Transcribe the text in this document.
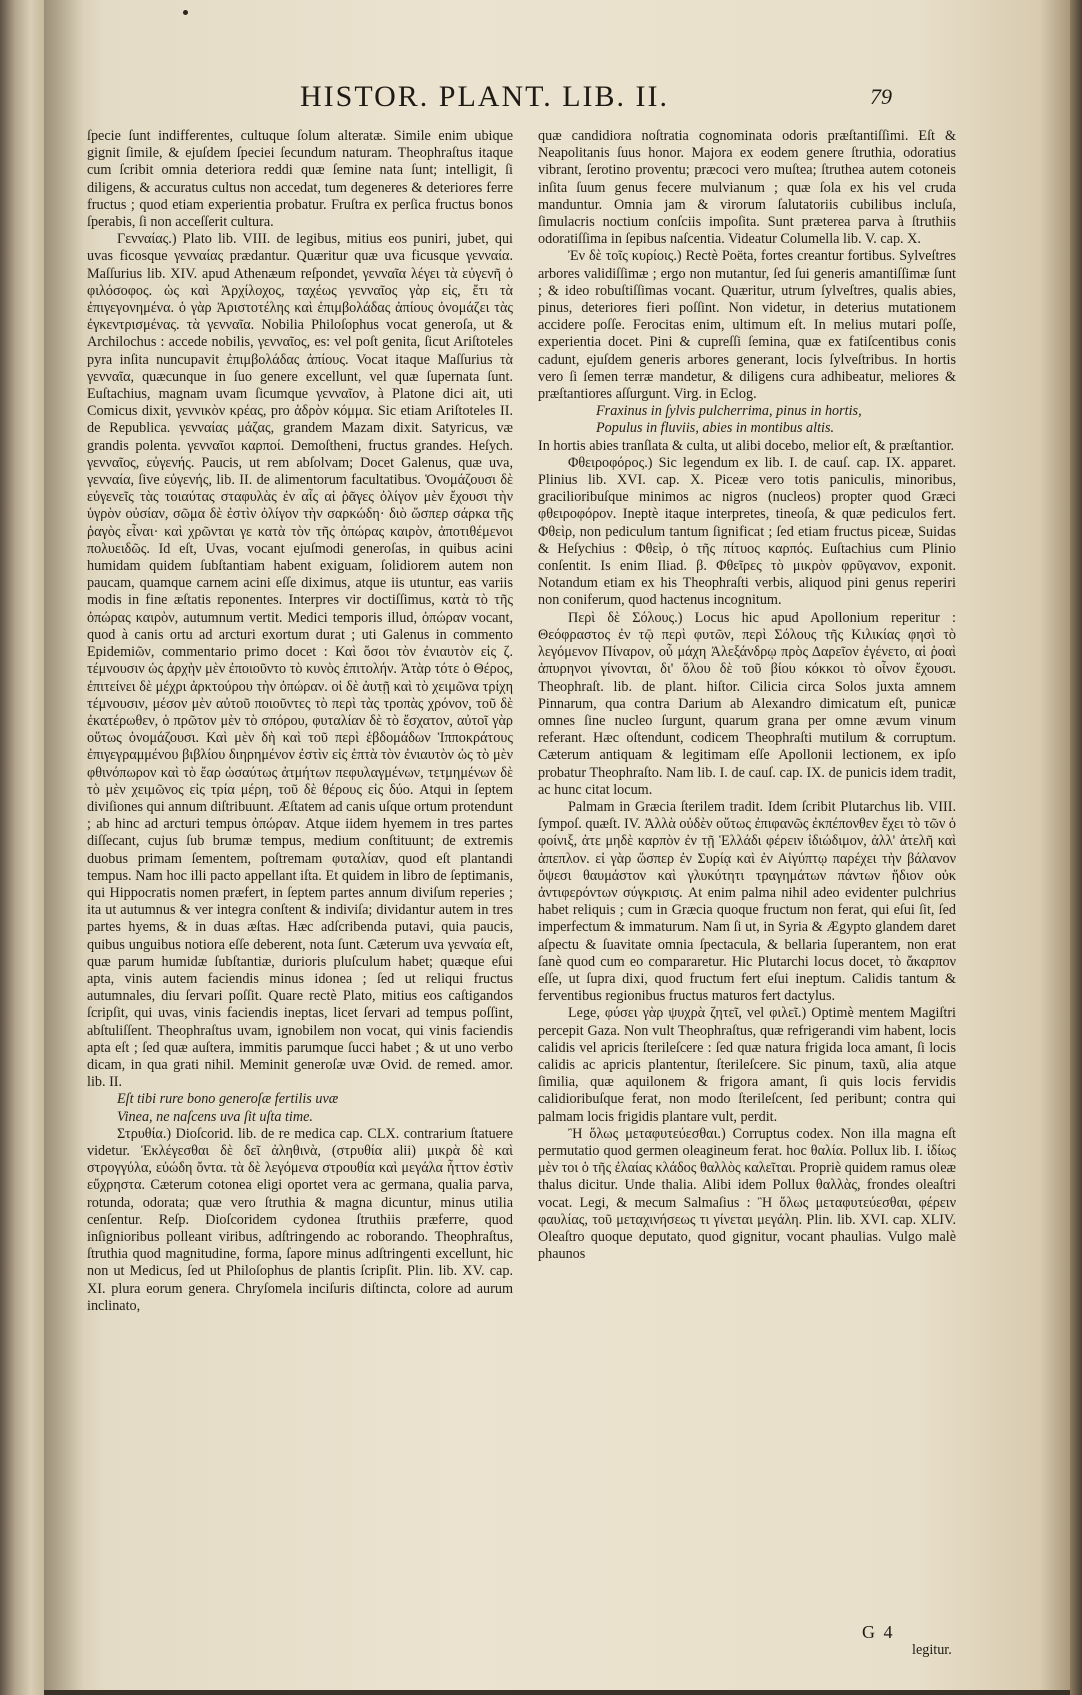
HISTOR. PLANT. LIB. II.	79

ſpecie ſunt indifferentes, cultuque ſolum alteratæ. Simile enim ubique gignit ſimile, & ejuſdem ſpeciei ſecundum naturam. Theophraſtus itaque cum ſcribit omnia deteriora reddi quæ ſemine nata ſunt; intelligit, ſi diligens, & accuratus cultus non accedat, tum degeneres & deteriores ferre fructus ; quod etiam experientia probatur. Fruſtra ex perſica fructus bonos ſperabis, ſi non acceſſerit cultura.

Γενναίας.) Plato lib. VIII. de legibus, mitius eos puniri, jubet, qui uvas ficosque γενναίας prædantur. Quæritur quæ uva ficusque γενναία. Maſſurius lib. XIV. apud Athenæum reſpondet, γενναῖα λέγει τὰ εὐγενῆ ὁ φιλόσοφος. ὡς καὶ Ἀρχίλοχος, ταχέως γενναῖος γὰρ εἰς, ἔτι τὰ ἐπιγεγονημένα. ὁ γὰρ Ἀριστοτέλης καὶ ἐπιμβολάδας ἀπίους ὀνομάζει τὰς ἐγκεντρισμένας. τὰ γενναῖα. Nobilia Philoſophus vocat generoſa, ut & Archilochus : accede nobilis, γενναῖος, es: vel poſt genita, ſicut Ariſtoteles pyra inſita nuncupavit ἐπιμβολάδας ἀπίους. Vocat itaque Maſſurius τὰ γενναῖα, quæcunque in ſuo genere excellunt, vel quæ ſupernata ſunt. Euſtachius, magnam uvam ſicumque γενναῖον, à Platone dici ait, uti Comicus dixit, γεννικὸν κρέας, pro ἁδρὸν κόμμα. Sic etiam Ariſtoteles II. de Republica. γενναίας μάζας, grandem Mazam dixit. Satyricus, væ grandis polenta. γενναῖοι καρποί. Demoſtheni, fructus grandes. Heſych. γενναῖος, εὐγενής. Paucis, ut rem abſolvam; Docet Galenus, quæ uva, γενναία, ſive εὐγενής, lib. II. de alimentorum facultatibus. Ὁνομάζουσι δὲ εὐγενεῖς τὰς τοιαύτας σταφυλὰς ἐν αἷς αἱ ῥᾶγες ὀλίγον μὲν ἔχουσι τὴν ὑγρὸν οὐσίαν, σῶμα δὲ ἐστὶν ὀλίγον τὴν σαρκώδη· διὸ ὥσπερ σάρκα τῆς ῥαγὸς εἶναι· καὶ χρῶνται γε κατὰ τὸν τῆς ὀπώρας καιρὸν, ἀποτιθέμενοι πολυειδῶς. Id eſt, Uvas, vocant ejuſmodi generoſas, in quibus acini humidam quidem ſubſtantiam habent exiguam, ſolidiorem autem non paucam, quamque carnem acini eſſe diximus, atque iis utuntur, eas variis modis in fine æſtatis reponentes. Interpres vir doctiſſimus, κατὰ τὸ τῆς ὀπώρας καιρὸν, autumnum vertit. Medici temporis illud, ὀπώραν vocant, quod à canis ortu ad arcturi exortum durat ; uti Galenus in commento Epidemiῶν, commentario primo docet : Καὶ ὅσοι τὸν ἐνιαυτὸν εἰς ζ. τέμνουσιν ὡς ἀρχὴν μὲν ἐποιοῦντο τὸ κυνὸς ἐπιτολήν. Ἀτὰρ τότε ὁ Θέρος, ἐπιτείνει δὲ μέχρι ἀρκτούρου τὴν ὀπώραν. οἱ δὲ ἀυτῇ καὶ τὸ χειμῶνα τρίχη τέμνουσιν, μέσον μὲν αὐτοῦ ποιοῦντες τὸ περὶ τὰς τροπὰς χρόνον, τοῦ δὲ ἐκατέρωθεν, ὁ πρῶτον μὲν τὸ σπόρου, φυταλίαν δὲ τὸ ἔσχατον, αὐτοῖ γὰρ οὕτως ὀνομάζουσι. Καὶ μὲν δὴ καὶ τοῦ περὶ ἑβδομάδων Ἱπποκράτους ἐπιγεγραμμένου βιβλίου διηρημένον ἐστὶν εἰς ἑπτὰ τὸν ἐνιαυτὸν ὡς τὸ μὲν φθινόπωρον καὶ τὸ ἔαρ ὡσαύτως ἀτμήτων πεφυλαγμένων, τετμημένων δὲ τὸ μὲν χειμῶνος εἰς τρία μέρη, τοῦ δὲ θέρους εἰς δύο. Atqui in ſeptem diviſiones qui annum diſtribuunt. Æſtatem ad canis uſque ortum protendunt ; ab hinc ad arcturi tempus ὀπώραν. Atque iidem hyemem in tres partes diſſecant, cujus ſub brumæ tempus, medium conſtituunt; de extremis duobus primam ſementem, poſtremam φυταλίαν, quod eſt plantandi tempus. Nam hoc illi pacto appellant iſta. Et quidem in libro de ſeptimanis, qui Hippocratis nomen præfert, in ſeptem partes annum diviſum reperies ; ita ut autumnus & ver integra conſtent & indiviſa; dividantur autem in tres partes hyems, & in duas æſtas. Hæc adſcribenda putavi, quia paucis, quibus unguibus notiora eſſe deberent, nota ſunt. Cæterum uva γενναία eſt, quæ parum humidæ ſubſtantiæ, durioris pluſculum habet; quæque eſui apta, vinis autem faciendis minus idonea ; ſed ut reliqui fructus autumnales, diu ſervari poſſit. Quare rectè Plato, mitius eos caſtigandos ſcripſit, qui uvas, vinis faciendis ineptas, licet ſervari ad tempus poſſint, abſtuliſſent. Theophraſtus uvam, ignobilem non vocat, qui vinis faciendis apta eſt ; ſed quæ auſtera, immitis parumque ſucci habet ; & ut uno verbo dicam, in qua grati nihil. Meminit generoſæ uvæ Ovid. de remed. amor. lib. II.

Eſt tibi rure bono generoſæ fertilis uvæ

Vinea, ne naſcens uva ſit uſta time.

Στρυθία.) Dioſcorid. lib. de re medica cap. CLX. contrarium ſtatuere videtur. Ἐκλέγεσθαι δὲ δεῖ ἀληθινὰ, (στρυθία alii) μικρὰ δὲ καὶ στρογγύλα, εὐώδη ὄντα. τὰ δὲ λεγόμενα στρουθία καὶ μεγάλα ἧττον ἐστὶν εὔχρηστα. Cæterum cotonea eligi oportet vera ac germana, qualia parva, rotunda, odorata; quæ vero ſtruthia & magna dicuntur, minus utilia cenſentur. Reſp. Dioſcoridem cydonea ſtruthiis præferre, quod inſignioribus polleant viribus, adſtringendo ac roborando. Theophraſtus, ſtruthia quod magnitudine, forma, ſapore minus adſtringenti excellunt, hic non ut Medicus, ſed ut Philoſophus de plantis ſcripſit. Plin. lib. XV. cap. XI. plura eorum genera. Chryſomela inciſuris diſtincta, colore ad aurum inclinato,

quæ candidiora noſtratia cognominata odoris præſtantiſſimi. Eſt & Neapolitanis ſuus honor. Majora ex eodem genere ſtruthia, odoratius vibrant, ſerotino proventu; præcoci vero muſtea; ſtruthea autem cotoneis inſita ſuum genus fecere mulvianum ; quæ ſola ex his vel cruda manduntur. Omnia jam & virorum ſalutatoriis cubilibus incluſa, ſimulacris noctium conſciis impoſita. Sunt præterea parva à ſtruthiis odoratiſſima in ſepibus naſcentia. Videatur Columella lib. V. cap. X.

Ἐν δὲ τοῖς κυρίοις.) Rectè Poëta, fortes creantur fortibus. Sylveſtres arbores validiſſimæ ; ergo non mutantur, ſed ſui generis amantiſſimæ ſunt ; & ideo robuſtiſſimas vocant. Quæritur, utrum ſylveſtres, qualis abies, pinus, deteriores fieri poſſint. Non videtur, in deterius mutationem accidere poſſe. Ferocitas enim, ultimum eſt. In melius mutari poſſe, experientia docet. Pini & cupreſſi ſemina, quæ ex fatiſcentibus conis cadunt, ejuſdem generis arbores generant, locis ſylveſtribus. In hortis vero ſi ſemen terræ mandetur, & diligens cura adhibeatur, meliores & præſtantiores aſſurgunt. Virg. in Eclog.

Fraxinus in ſylvis pulcherrima, pinus in hortis,

Populus in fluviis, abies in montibus altis.

In hortis abies tranſlata & culta, ut alibi docebo, melior eſt, & præſtantior.

Φθειροφόρος.) Sic legendum ex lib. I. de cauſ. cap. IX. apparet. Plinius lib. XVI. cap. X. Piceæ vero totis paniculis, minoribus, gracilioribuſque minimos ac nigros (nucleos) propter quod Græci φθειροφόρον. Ineptè itaque interpretes, tineoſa, & quæ pediculos fert. Φθεὶρ, non pediculum tantum ſignificat ; ſed etiam fructus piceæ, Suidas & Heſychius : Φθεὶρ, ὁ τῆς πίτυος καρπός. Euſtachius cum Plinio conſentit. Is enim Iliad. β. Φθεῖρες τὸ μικρὸν φρῦγανον, exponit. Notandum etiam ex his Theophraſti verbis, aliquod pini genus reperiri non coniferum, quod hactenus incognitum.

Περὶ δὲ Σόλους.) Locus hic apud Apollonium reperitur : Θεόφραστος ἐν τῷ περὶ φυτῶν, περὶ Σόλους τῆς Κιλικίας φησὶ τὸ λεγόμενον Πίναρον, οὗ μάχη Ἀλεξάνδρῳ πρὸς Δαρεῖον ἐγένετο, αἱ ῥοαὶ ἀπυρηνοι γίνονται, δι' ὅλου δὲ τοῦ βίου κόκκοι τὸ οἶνον ἔχουσι. Theophraſt. lib. de plant. hiſtor. Cilicia circa Solos juxta amnem Pinnarum, qua contra Darium ab Alexandro dimicatum eſt, punicæ omnes ſine nucleo ſurgunt, quarum grana per omne ævum vinum referant. Hæc oſtendunt, codicem Theophraſti mutilum & corruptum. Cæterum antiquam & legitimam eſſe Apollonii lectionem, ex ipſo probatur Theophraſto. Nam lib. I. de cauſ. cap. IX. de punicis idem tradit, ac hunc citat locum.

Palmam in Græcia ſterilem tradit. Idem ſcribit Plutarchus lib. VIII. ſympoſ. quæſt. IV. Ἀλλὰ οὐδὲν οὕτως ἐπιφανῶς ἐκπέπονθεν ἔχει τὸ τῶν ὁ φοίνιξ, ἀτε μηδὲ καρπὸν ἐν τῇ Ἑλλάδι φέρειν ἰδιώδιμον, ἀλλ' ἀτελῆ καὶ ἀπεπλον. εἰ γὰρ ὥσπερ ἐν Συρίᾳ καὶ ἐν Αἰγύπτῳ παρέχει τὴν βάλανον ὄψεσι θαυμάστον καὶ γλυκύτητι τραγημάτων πάντων ἥδιον οὐκ ἀντιφερόντων σύγκρισις. At enim palma nihil adeo evidenter pulchrius habet reliquis ; cum in Græcia quoque fructum non ferat, qui eſui ſit, ſed imperfectum & immaturum. Nam ſi ut, in Syria & Ægypto glandem daret aſpectu & ſuavitate omnia ſpectacula, & bellaria ſuperantem, non erat ſanè quod cum eo compararetur. Hic Plutarchi locus docet, τὸ ἄκαρπον eſſe, ut ſupra dixi, quod fructum fert eſui ineptum. Calidis tantum & ferventibus regionibus fructus maturos fert dactylus.

Lege, φύσει γὰρ ψυχρὰ ζητεῖ, vel φιλεῖ.) Optimè mentem Magiſtri percepit Gaza. Non vult Theophraſtus, quæ refrigerandi vim habent, locis calidis vel apricis ſterileſcere : ſed quæ natura frigida loca amant, ſi locis calidis ac apricis plantentur, ſterileſcere. Sic pinum, taxũ, alia atque ſimilia, quæ aquilonem & frigora amant, ſi quis locis fervidis calidioribuſque ferat, non modo ſterileſcent, ſed peribunt; contra qui palmam locis frigidis plantare vult, perdit.

Ἢ ὅλως μεταφυτεύεσθαι.) Corruptus codex. Non illa magna eſt permutatio quod germen oleagineum ferat. hoc θαλία. Pollux lib. I. ἰδίως μὲν τοι ὁ τῆς ἐλαίας κλάδος θαλλὸς καλεῖται. Propriè quidem ramus oleæ thalus dicitur. Unde thalia. Alibi idem Pollux θαλλὰς, frondes oleaſtri vocat. Legi, & mecum Salmaſius : Ἢ ὅλως μεταφυτεύεσθαι, φέρειν φαυλίας, τοῦ μεταχινήσεως τι γίνεται μεγάλη. Plin. lib. XVI. cap. XLIV. Oleaſtro quoque deputato, quod gignitur, vocant phaulias. Vulgo malè phaunos

G 4
legitur.
